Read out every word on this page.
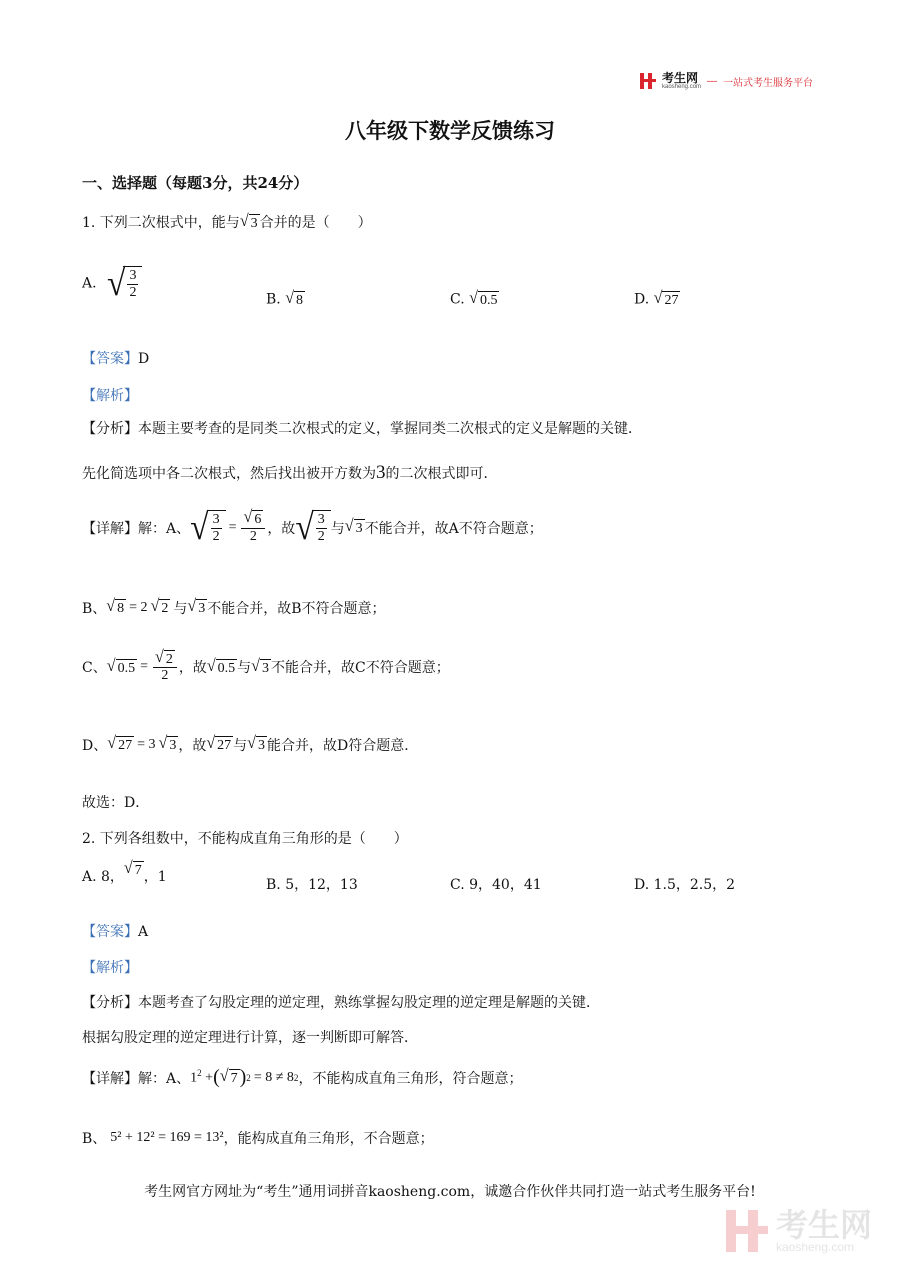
考生网
kaosheng.com
— 一站式考生服务平台
八年级下数学反馈练习
一、选择题（每题3分，共24分）
1. 下列二次根式中，能与 √ 3 合并的是（　　）
A. √ $\frac{3}{2}$	B. √ 8	C. √ 0.5	D. √ 27
【答案】D
【解析】
【分析】本题主要考查的是同类二次根式的定义，掌握同类二次根式的定义是解题的关键．
先化简选项中各二次根式，然后找出被开方数为3的二次根式即可．
【详解】 解：A、 √ $\frac{3}{2} = \frac{√ 6}{2}$ ，故 √ $\frac{3}{2}$ 与 √ 3 不能合并，故A不符合题意；
B、 √ 8 = 2 √ 2 与 √ 3 不能合并，故B不符合题意；
C、 √ $0.5 = \frac{√ 2}{2}$ ，故 √ 0.5 与 √ 3 不能合并，故C不符合题意；
D、 √ 27 = 3 √ 3 ，故 √ 27 与 √ 3 能合并，故D符合题意．
故选：D．
2. 下列各组数中，不能构成直角三角形的是（　　）
A. 8，
√ 7 ，1	B. 5，12，13	C. 9，40，41	D. 1.5，2.5，2
【答案】A
【解析】
【分析】本题考查了勾股定理的逆定理，熟练掌握勾股定理的逆定理是解题的关键．
根据勾股定理的逆定理进行计算，逐一判断即可解答．
【详解】 解：A、 $1^2$ + ( √ 7 ) 2 = 8 ≠ 8 2 ，不能构成直角三角形，符合题意；
B、 5² + 12² = 169 = 13² ，能构成直角三角形，不合题意；
考生网官方网址为“考生”通用词拼音kaosheng.com，诚邀合作伙伴共同打造一站式考生服务平台!
考生网
kaosheng.com
